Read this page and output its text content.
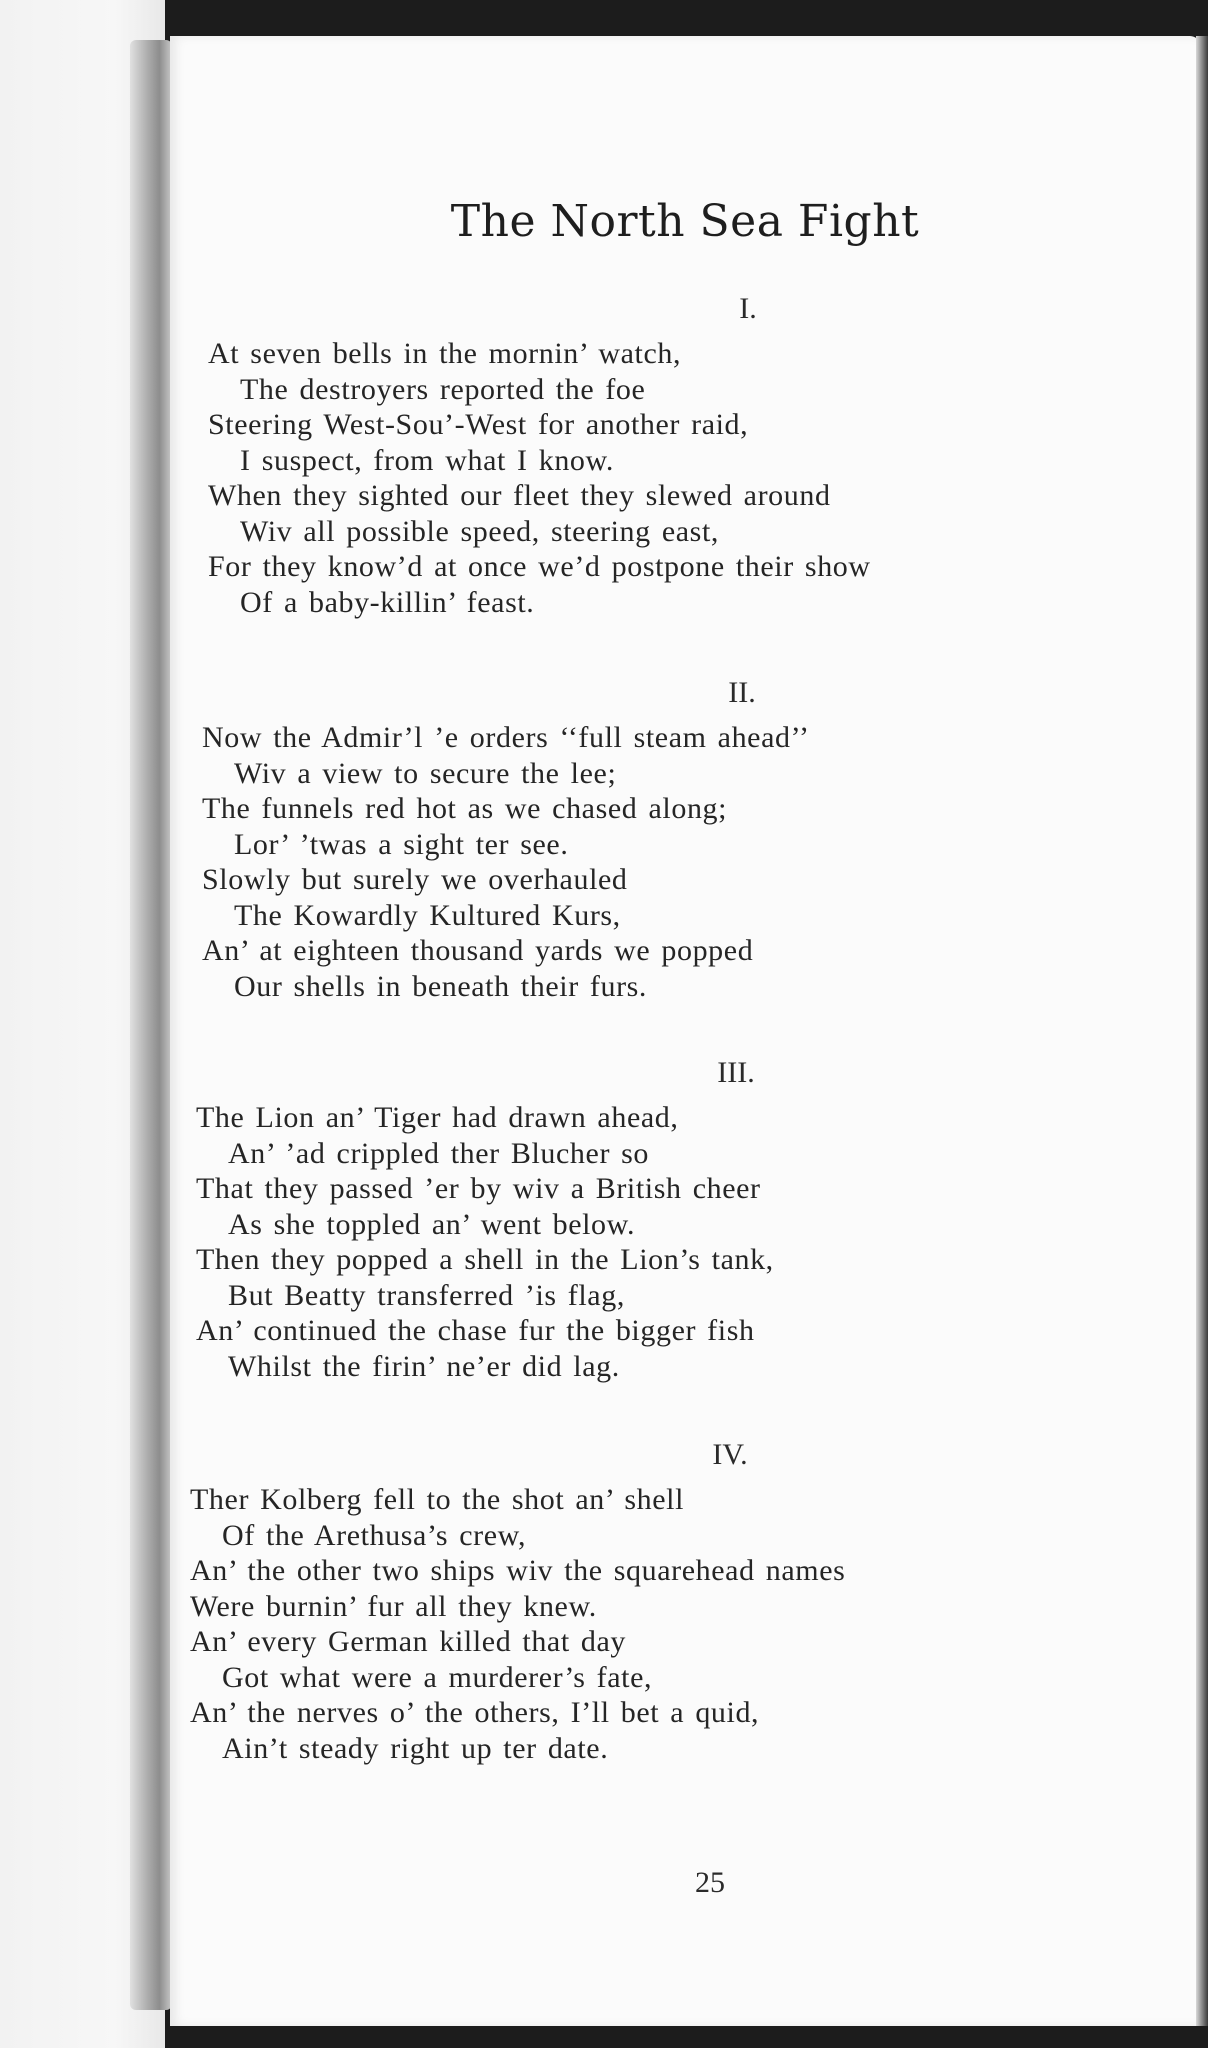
The North Sea Fight
I.
At seven bells in the mornin’ watch,
The destroyers reported the foe
Steering West-Sou’-West for another raid,
I suspect, from what I know.
When they sighted our fleet they slewed around
Wiv all possible speed, steering east,
For they know’d at once we’d postpone their show
Of a baby-killin’ feast.
II.
Now the Admir’l ’e orders ‘‘full steam ahead’’
Wiv a view to secure the lee;
The funnels red hot as we chased along;
Lor’ ’twas a sight ter see.
Slowly but surely we overhauled
The Kowardly Kultured Kurs,
An’ at eighteen thousand yards we popped
Our shells in beneath their furs.
III.
The Lion an’ Tiger had drawn ahead,
An’ ’ad crippled ther Blucher so
That they passed ’er by wiv a British cheer
As she toppled an’ went below.
Then they popped a shell in the Lion’s tank,
But Beatty transferred ’is flag,
An’ continued the chase fur the bigger fish
Whilst the firin’ ne’er did lag.
IV.
Ther Kolberg fell to the shot an’ shell
Of the Arethusa’s crew,
An’ the other two ships wiv the squarehead names
Were burnin’ fur all they knew.
An’ every German killed that day
Got what were a murderer’s fate,
An’ the nerves o’ the others, I’ll bet a quid,
Ain’t steady right up ter date.
25
